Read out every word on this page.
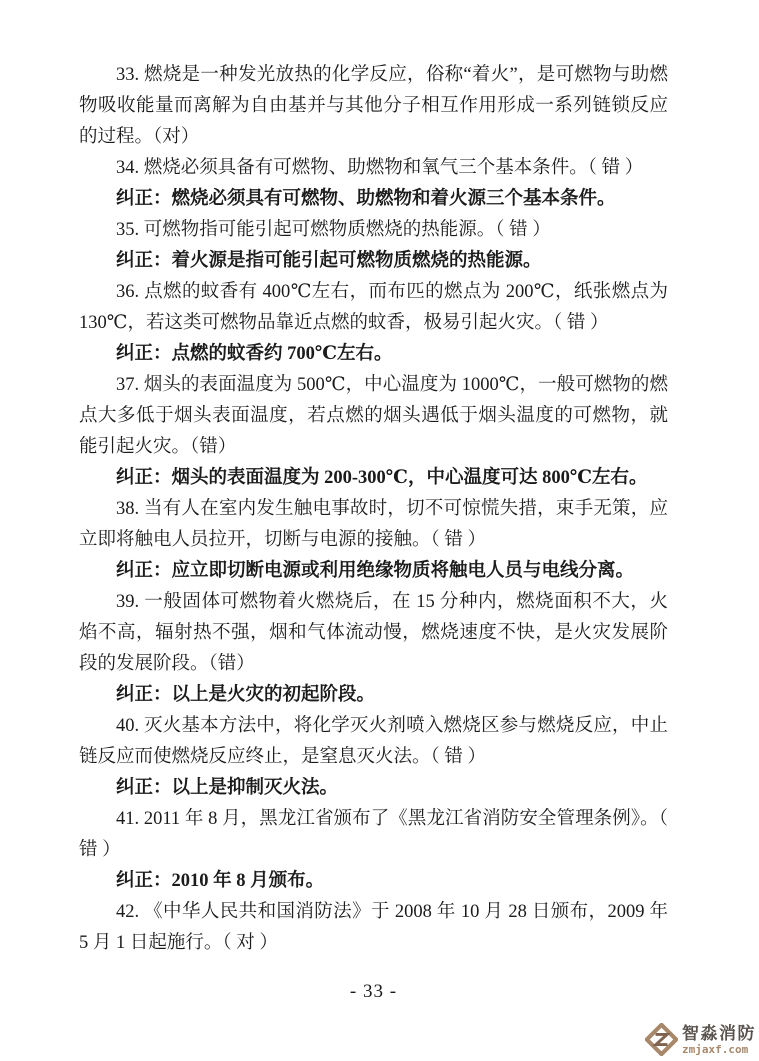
33. 燃烧是一种发光放热的化学反应，俗称“着火”，是可燃物与助燃物吸收能量而离解为自由基并与其他分子相互作用形成一系列链锁反应的过程。（对）

34. 燃烧必须具备有可燃物、助燃物和氧气三个基本条件。（ 错 ）

纠正：燃烧必须具有可燃物、助燃物和着火源三个基本条件。

35. 可燃物指可能引起可燃物质燃烧的热能源。（ 错 ）

纠正：着火源是指可能引起可燃物质燃烧的热能源。

36. 点燃的蚊香有 400℃左右，而布匹的燃点为 200℃，纸张燃点为 130℃，若这类可燃物品靠近点燃的蚊香，极易引起火灾。（ 错 ）

纠正：点燃的蚊香约 700℃左右。

37. 烟头的表面温度为 500℃，中心温度为 1000℃，一般可燃物的燃点大多低于烟头表面温度，若点燃的烟头遇低于烟头温度的可燃物，就能引起火灾。（错）

纠正：烟头的表面温度为 200-300℃，中心温度可达 800℃左右。

38. 当有人在室内发生触电事故时，切不可惊慌失措，束手无策，应立即将触电人员拉开，切断与电源的接触。（ 错 ）

纠正：应立即切断电源或利用绝缘物质将触电人员与电线分离。

39. 一般固体可燃物着火燃烧后，在 15 分种内，燃烧面积不大，火焰不高，辐射热不强，烟和气体流动慢，燃烧速度不快，是火灾发展阶段的发展阶段。（错）

纠正：以上是火灾的初起阶段。

40. 灭火基本方法中，将化学灭火剂喷入燃烧区参与燃烧反应，中止链反应而使燃烧反应终止，是窒息灭火法。（ 错 ）

纠正：以上是抑制灭火法。

41. 2011 年 8 月，黑龙江省颁布了《黑龙江省消防安全管理条例》。（ 错 ）

纠正：2010 年 8 月颁布。

42. 《中华人民共和国消防法》于 2008 年 10 月 28 日颁布，2009 年 5 月 1 日起施行。（ 对 ）

- 33 -
智淼消防
zmjaxf.com
